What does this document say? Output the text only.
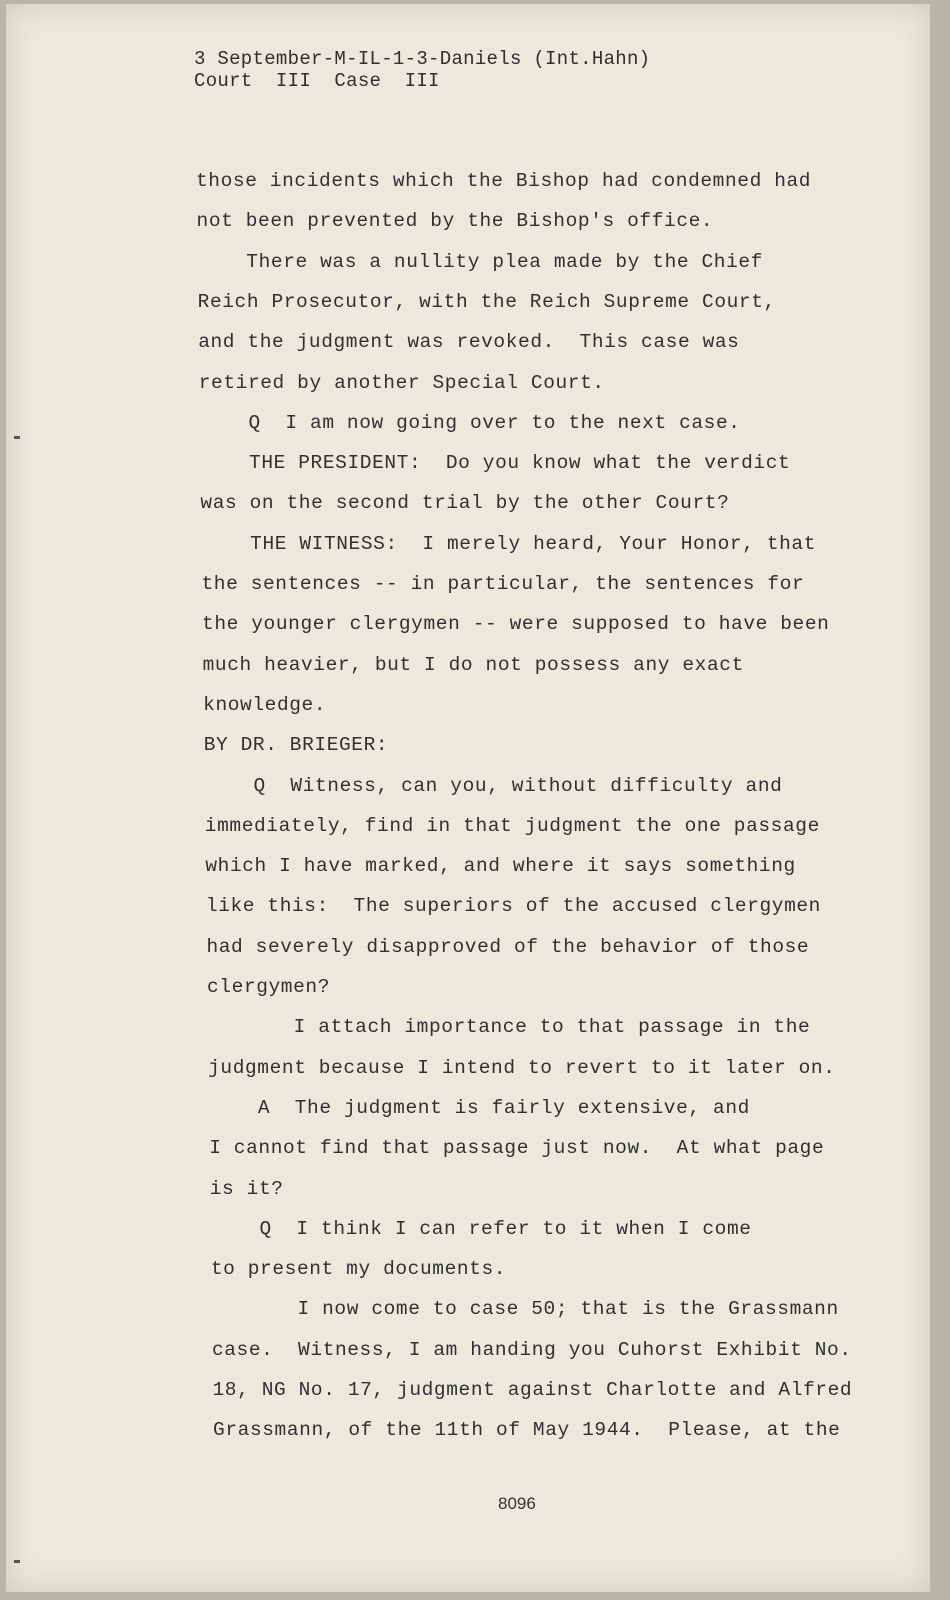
3 September-M-IL-1-3-Daniels (Int.Hahn)
Court  III  Case  III
those incidents which the Bishop had condemned had
not been prevented by the Bishop's office.
There was a nullity plea made by the Chief
Reich Prosecutor, with the Reich Supreme Court,
and the judgment was revoked.  This case was
retired by another Special Court.
Q  I am now going over to the next case.
THE PRESIDENT:  Do you know what the verdict
was on the second trial by the other Court?
THE WITNESS:  I merely heard, Your Honor, that
the sentences -- in particular, the sentences for
the younger clergymen -- were supposed to have been
much heavier, but I do not possess any exact
knowledge.
BY DR. BRIEGER:
Q  Witness, can you, without difficulty and
immediately, find in that judgment the one passage
which I have marked, and where it says something
like this:  The superiors of the accused clergymen
had severely disapproved of the behavior of those
clergymen?
I attach importance to that passage in the
judgment because I intend to revert to it later on.
A  The judgment is fairly extensive, and
I cannot find that passage just now.  At what page
is it?
Q  I think I can refer to it when I come
to present my documents.
I now come to case 50; that is the Grassmann
case.  Witness, I am handing you Cuhorst Exhibit No.
18, NG No. 17, judgment against Charlotte and Alfred
Grassmann, of the 11th of May 1944.  Please, at the
8096
